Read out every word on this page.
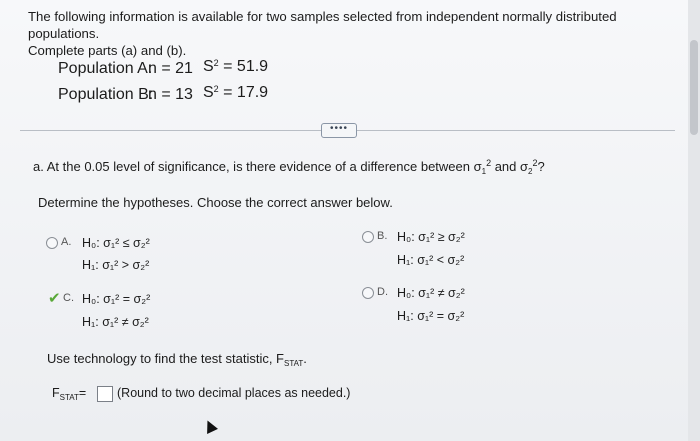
The following information is available for two samples selected from independent normally distributed populations.
Complete parts (a) and (b).
Population A:
n = 21 $S^2 = 51.9$
Population B:
n = 13 $S^2 = 17.9$
••••
a. At the 0.05 level of significance, is there evidence of a difference between $\sigma_1^2$ and $\sigma_2^2$?
Determine the hypotheses. Choose the correct answer below.
A. H₀: σ₁² ≤ σ₂²
H₁: σ₁² > σ₂²
B. H₀: σ₁² ≥ σ₂²
H₁: σ₁² < σ₂²
✔ C. H₀: σ₁² = σ₂²
H₁: σ₁² ≠ σ₂²
D. H₀: σ₁² ≠ σ₂²
H₁: σ₁² = σ₂²
Use technology to find the test statistic, $F_{STAT}$.
$F_{STAT}=$ (Round to two decimal places as needed.)
